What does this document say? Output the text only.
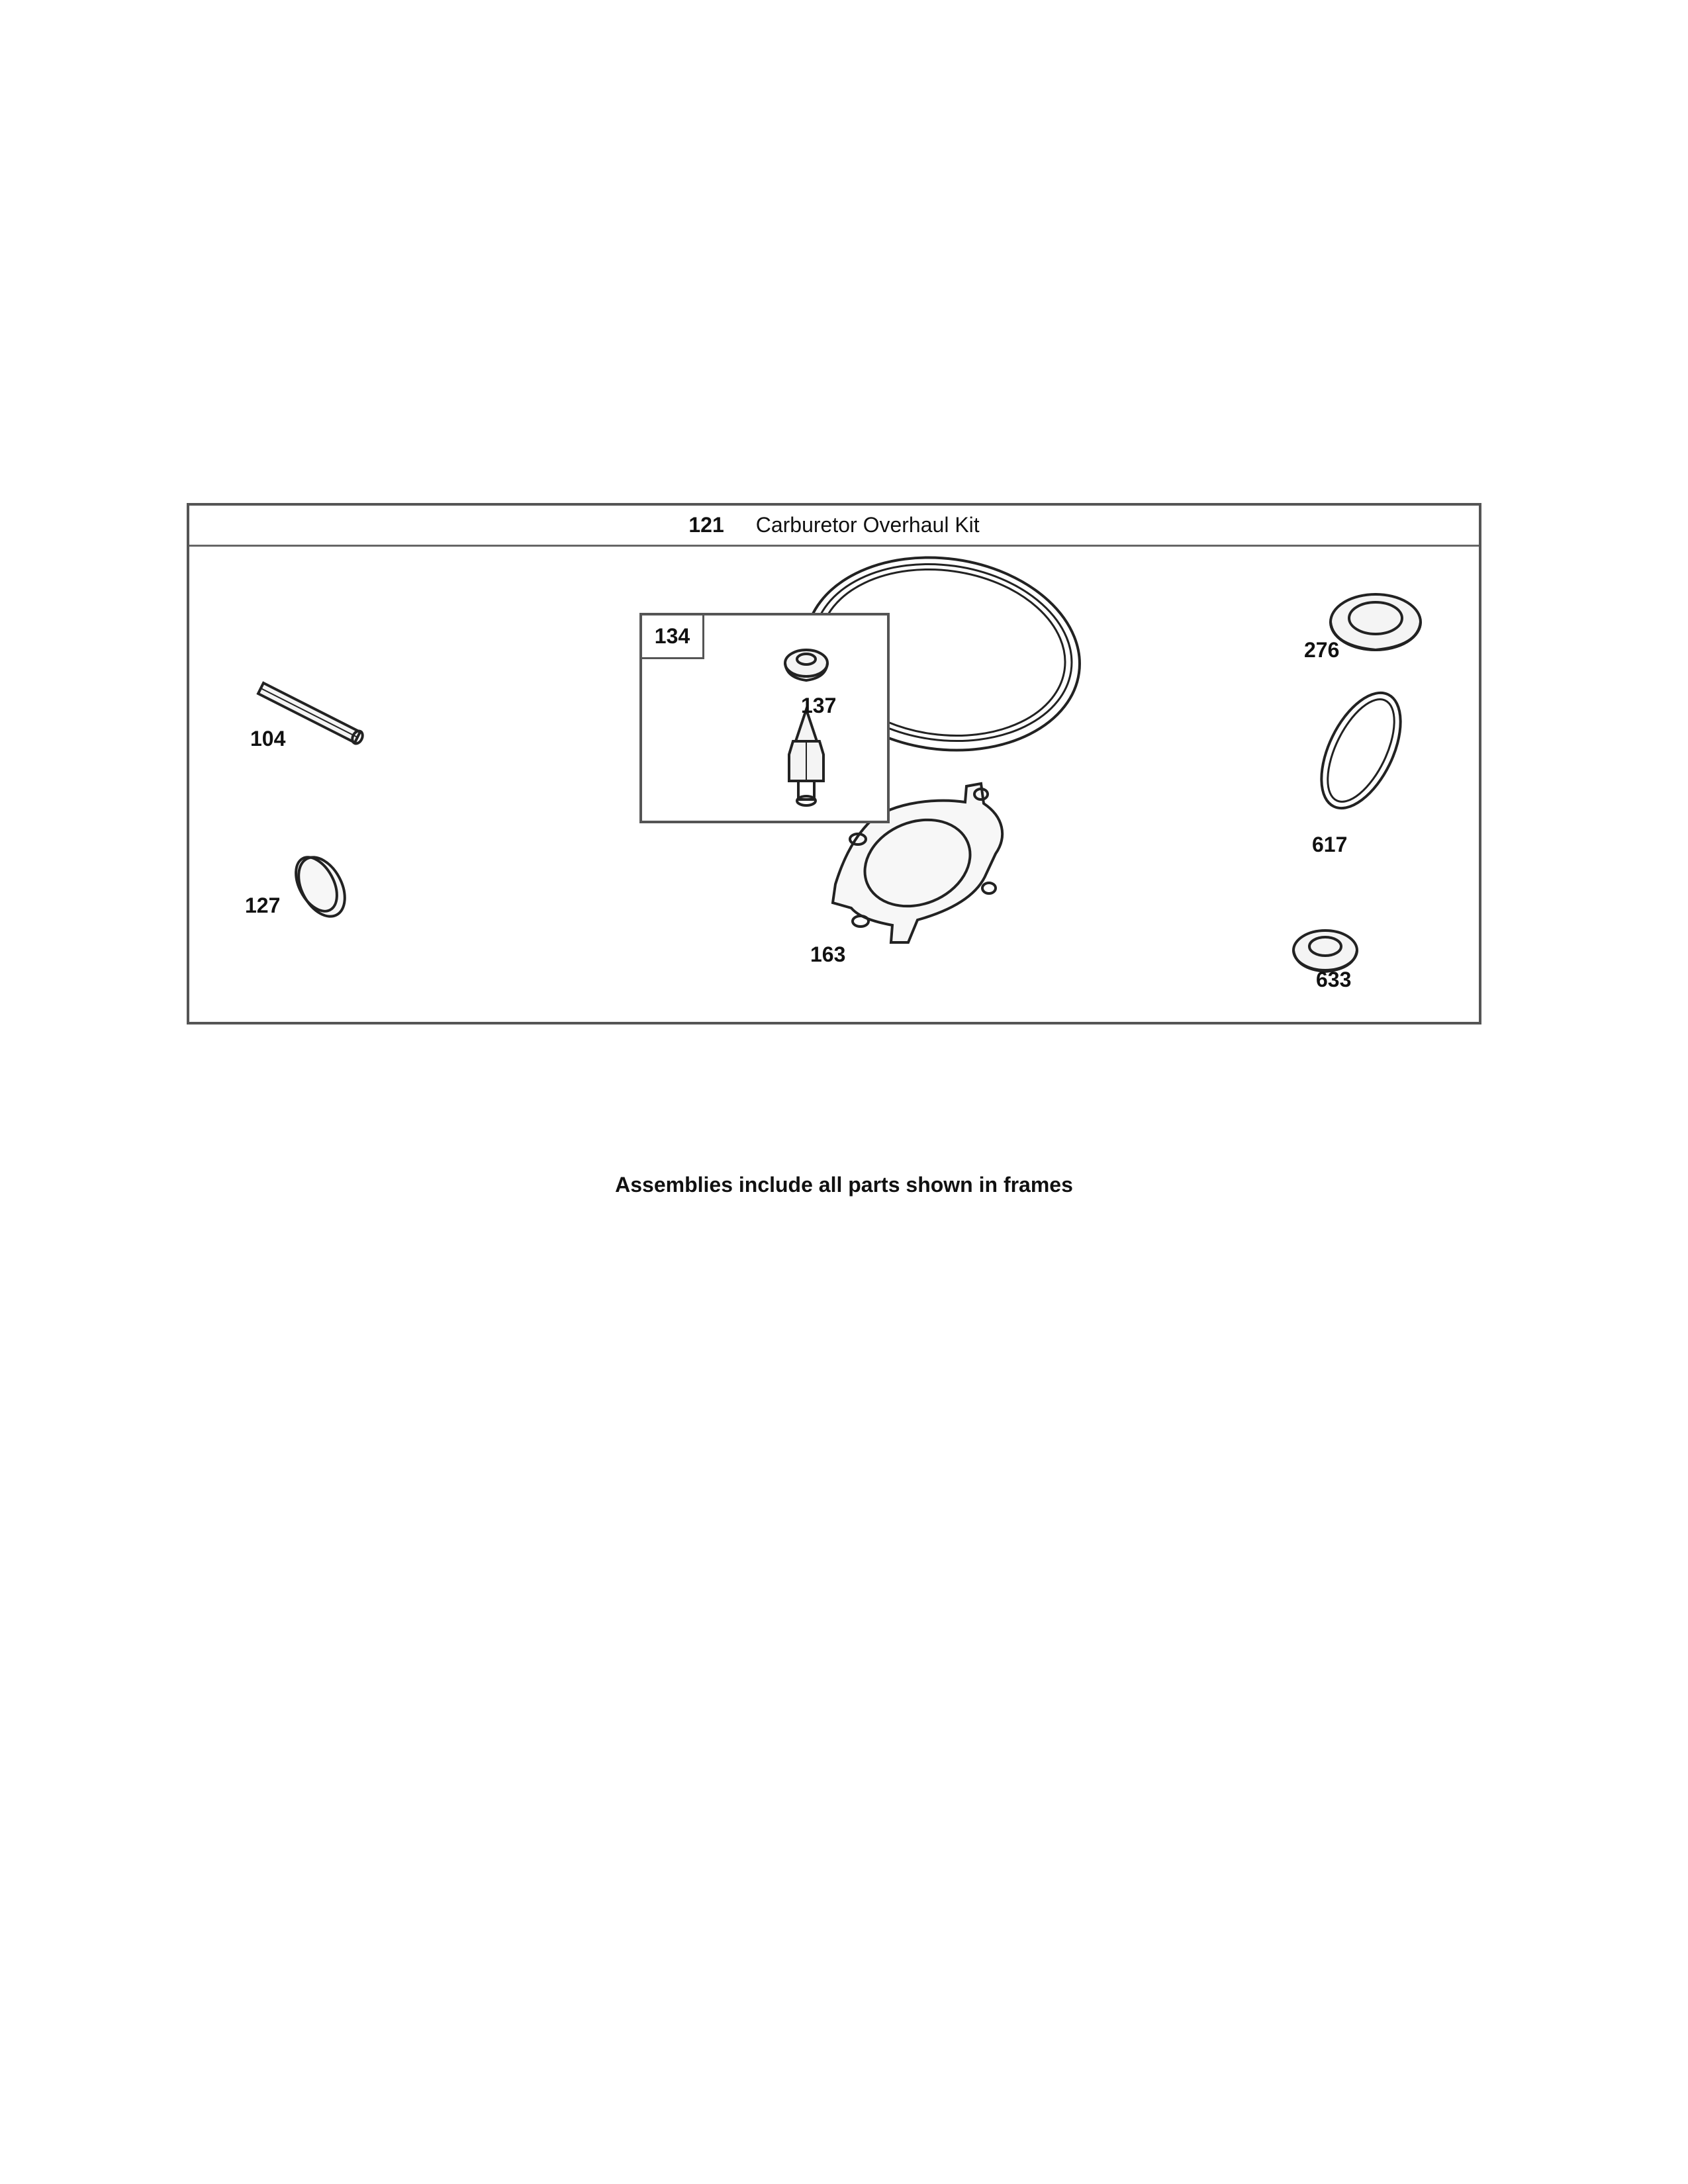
121 Carburetor Overhaul Kit
134
104
127
137
163
276
617
633
Assemblies include all parts shown in frames
